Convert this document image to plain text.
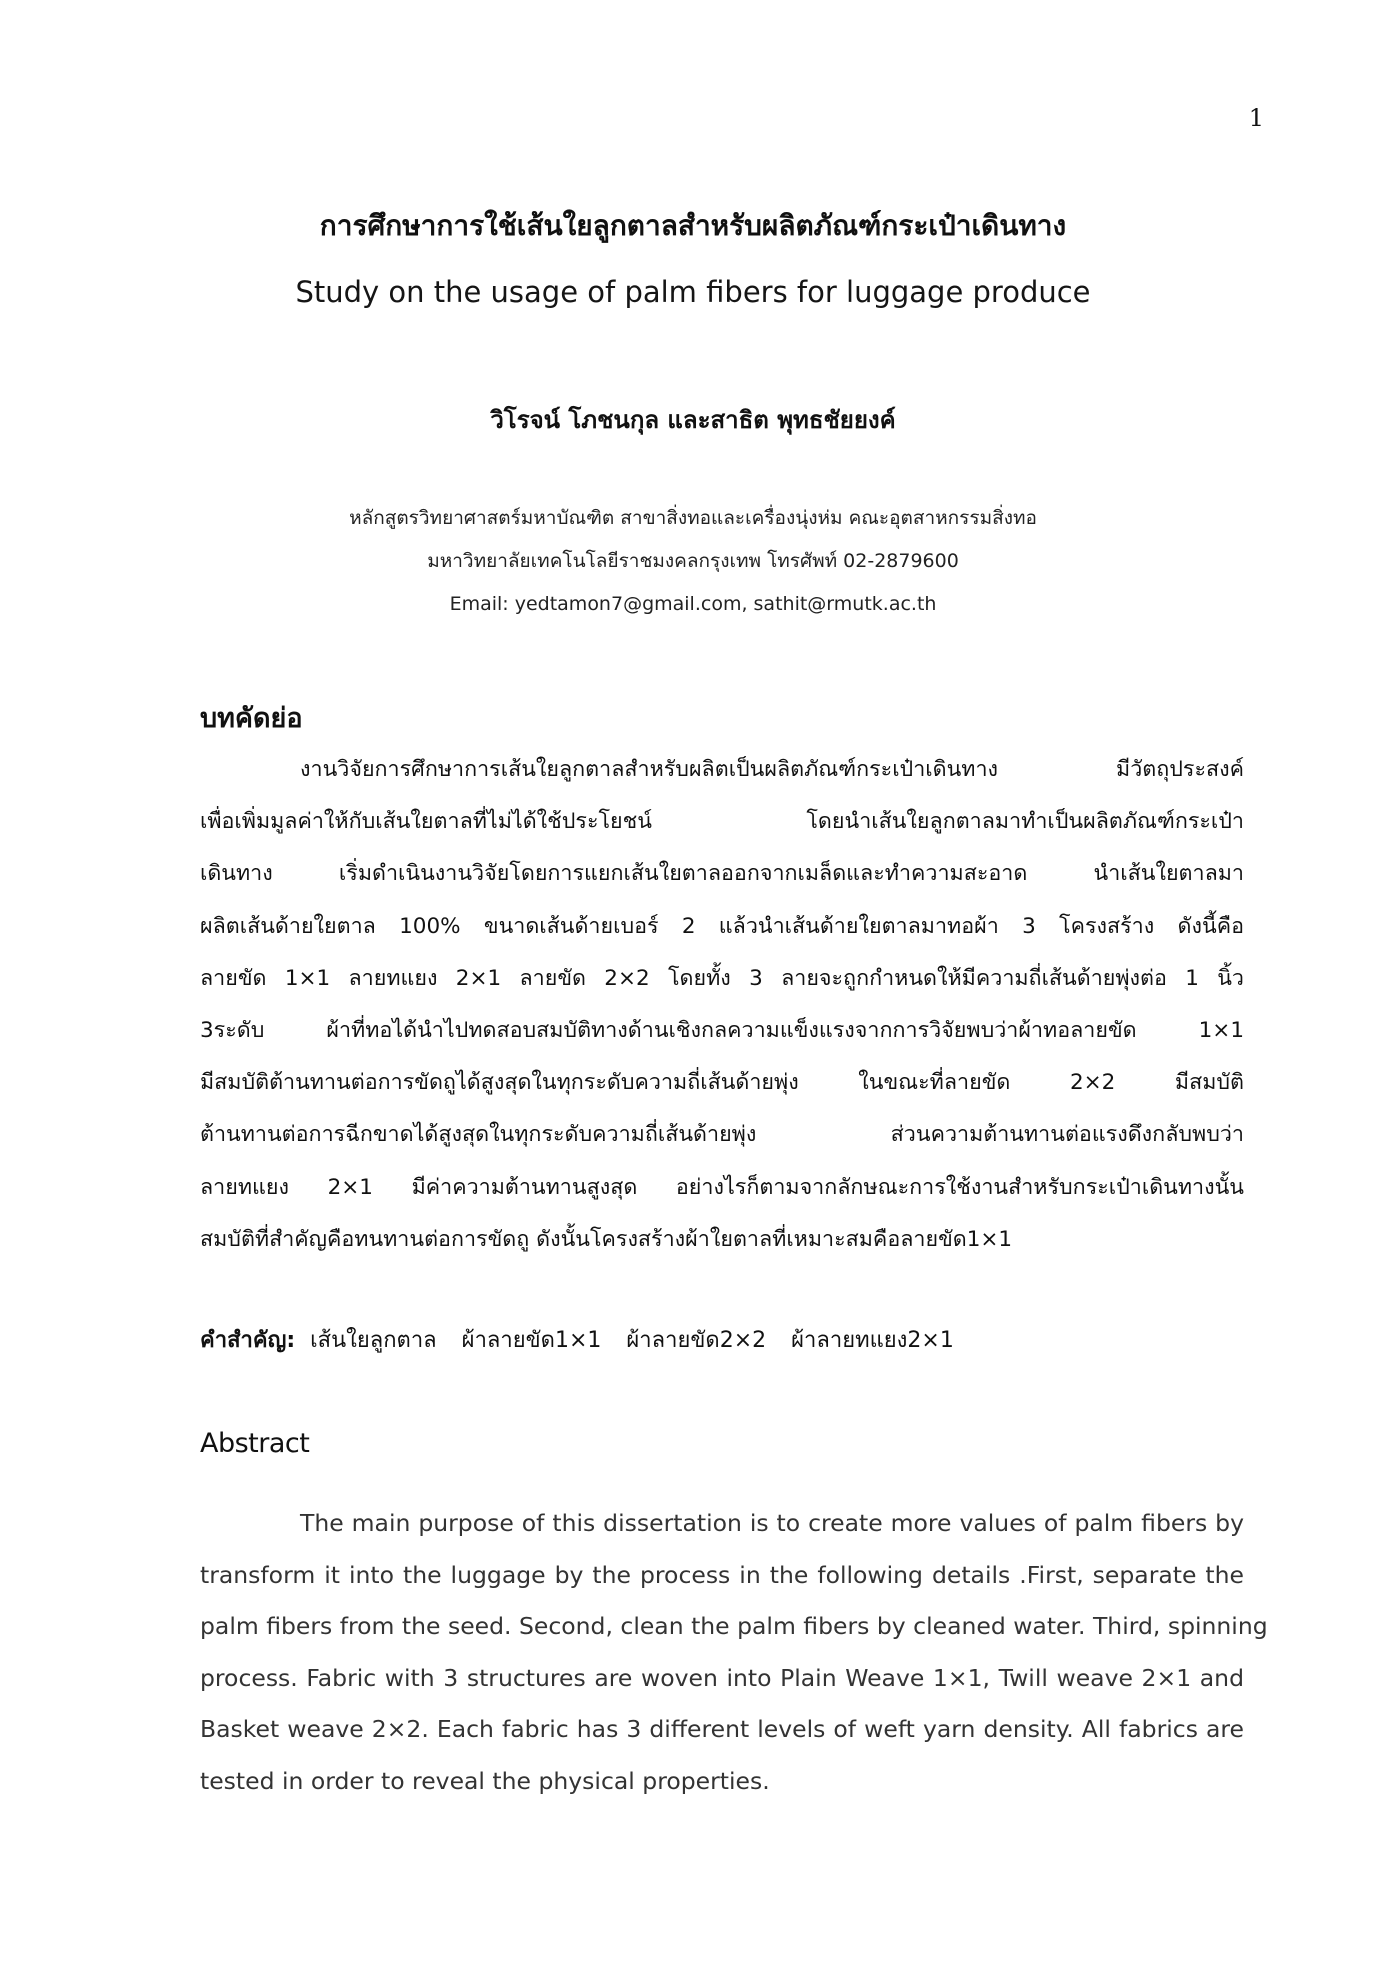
1
การศึกษาการใช้เส้นใยลูกตาลสำหรับผลิตภัณฑ์กระเป๋าเดินทาง
Study on the usage of palm fibers for luggage produce
วิโรจน์ โภชนกุล และสาธิต พุทธชัยยงค์
หลักสูตรวิทยาศาสตร์มหาบัณฑิต สาขาสิ่งทอและเครื่องนุ่งห่ม คณะอุตสาหกรรมสิ่งทอ
มหาวิทยาลัยเทคโนโลยีราชมงคลกรุงเทพ โทรศัพท์ 02-2879600
Email: yedtamon7@gmail.com, sathit@rmutk.ac.th
บทคัดย่อ
งานวิจัยการศึกษาการเส้นใยลูกตาลสำหรับผลิตเป็นผลิตภัณฑ์กระเป๋าเดินทาง มีวัตถุประสงค์
เพื่อเพิ่มมูลค่าให้กับเส้นใยตาลที่ไม่ได้ใช้ประโยชน์ โดยนำเส้นใยลูกตาลมาทำเป็นผลิตภัณฑ์กระเป๋า
เดินทาง เริ่มดำเนินงานวิจัยโดยการแยกเส้นใยตาลออกจากเมล็ดและทำความสะอาด นำเส้นใยตาลมา
ผลิตเส้นด้ายใยตาล 100% ขนาดเส้นด้ายเบอร์ 2 แล้วนำเส้นด้ายใยตาลมาทอผ้า 3 โครงสร้าง ดังนี้คือ
ลายขัด 1×1 ลายทแยง 2×1 ลายขัด 2×2 โดยทั้ง 3 ลายจะถูกกำหนดให้มีความถี่เส้นด้ายพุ่งต่อ 1 นิ้ว
3ระดับ ผ้าที่ทอได้นำไปทดสอบสมบัติทางด้านเชิงกลความแข็งแรงจากการวิจัยพบว่าผ้าทอลายขัด 1×1
มีสมบัติต้านทานต่อการขัดถูได้สูงสุดในทุกระดับความถี่เส้นด้ายพุ่ง ในขณะที่ลายขัด 2×2 มีสมบัติ
ต้านทานต่อการฉีกขาดได้สูงสุดในทุกระดับความถี่เส้นด้ายพุ่ง ส่วนความต้านทานต่อแรงดึงกลับพบว่า
ลายทแยง 2×1 มีค่าความต้านทานสูงสุด อย่างไรก็ตามจากลักษณะการใช้งานสำหรับกระเป๋าเดินทางนั้น
สมบัติที่สำคัญคือทนทานต่อการขัดถู ดังนั้นโครงสร้างผ้าใยตาลที่เหมาะสมคือลายขัด1×1
คำสำคัญ: เส้นใยลูกตาล ผ้าลายขัด1×1 ผ้าลายขัด2×2 ผ้าลายทแยง2×1
Abstract
The main purpose of this dissertation is to create more values of palm fibers by
transform it into the luggage by the process in the following details .First, separate the
palm fibers from the seed. Second, clean the palm fibers by cleaned water. Third, spinning
process. Fabric with 3 structures are woven into Plain Weave 1×1, Twill weave 2×1 and
Basket weave 2×2. Each fabric has 3 different levels of weft yarn density. All fabrics are
tested in order to reveal the physical properties.
